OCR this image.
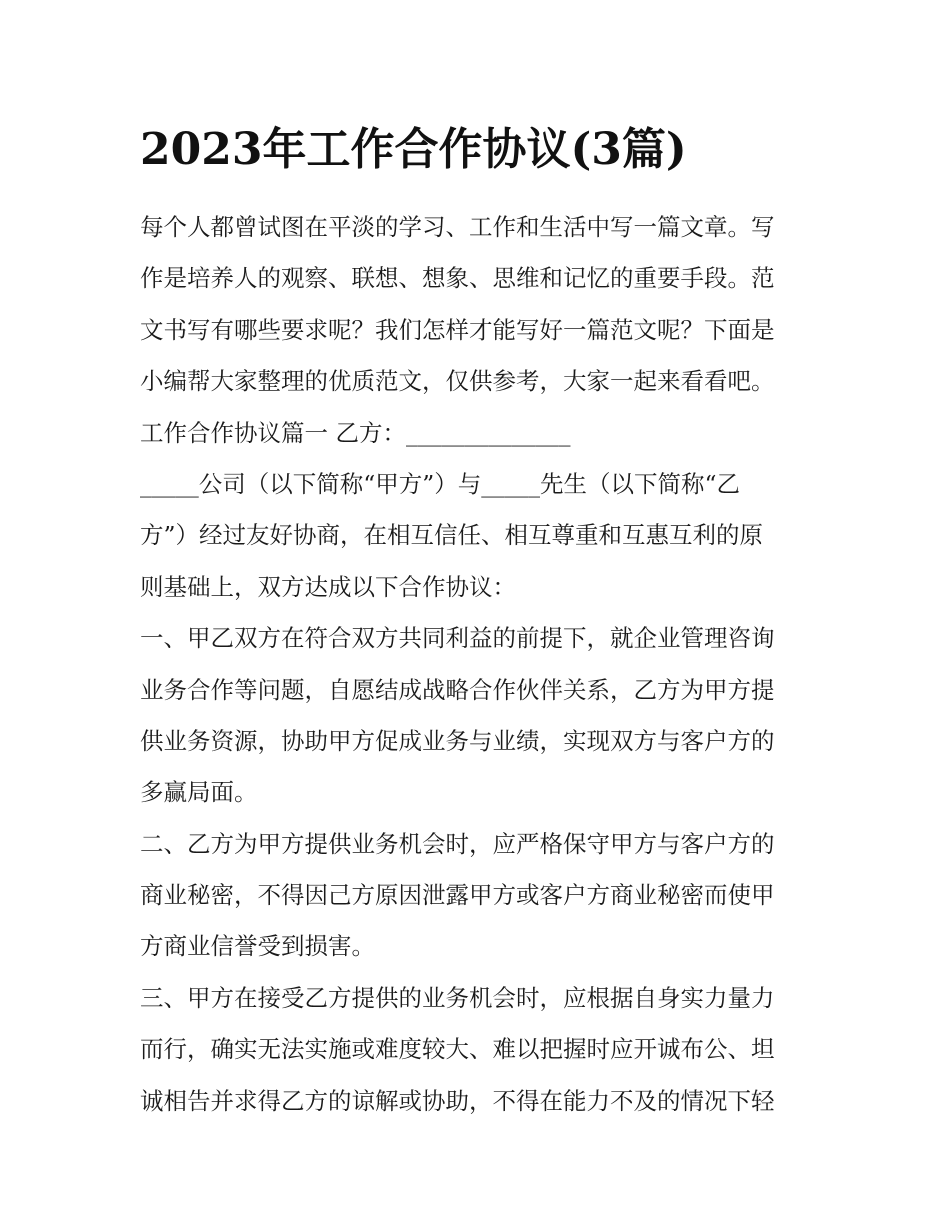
2023年工作合作协议(3篇)
每个人都曾试图在平淡的学习、工作和生活中写一篇文章。写
作是培养人的观察、联想、想象、思维和记忆的重要手段。范
文书写有哪些要求呢？我们怎样才能写好一篇范文呢？下面是
小编帮大家整理的优质范文，仅供参考，大家一起来看看吧。
工作合作协议篇一 乙方：______________
_____公司（以下简称“甲方”）与_____先生（以下简称“乙
方”）经过友好协商，在相互信任、相互尊重和互惠互利的原
则基础上，双方达成以下合作协议：
一、甲乙双方在符合双方共同利益的前提下，就企业管理咨询
业务合作等问题，自愿结成战略合作伙伴关系，乙方为甲方提
供业务资源，协助甲方促成业务与业绩，实现双方与客户方的
多赢局面。
二、乙方为甲方提供业务机会时，应严格保守甲方与客户方的
商业秘密，不得因己方原因泄露甲方或客户方商业秘密而使甲
方商业信誉受到损害。
三、甲方在接受乙方提供的业务机会时，应根据自身实力量力
而行，确实无法实施或难度较大、难以把握时应开诚布公、坦
诚相告并求得乙方的谅解或协助，不得在能力不及的情况下轻
